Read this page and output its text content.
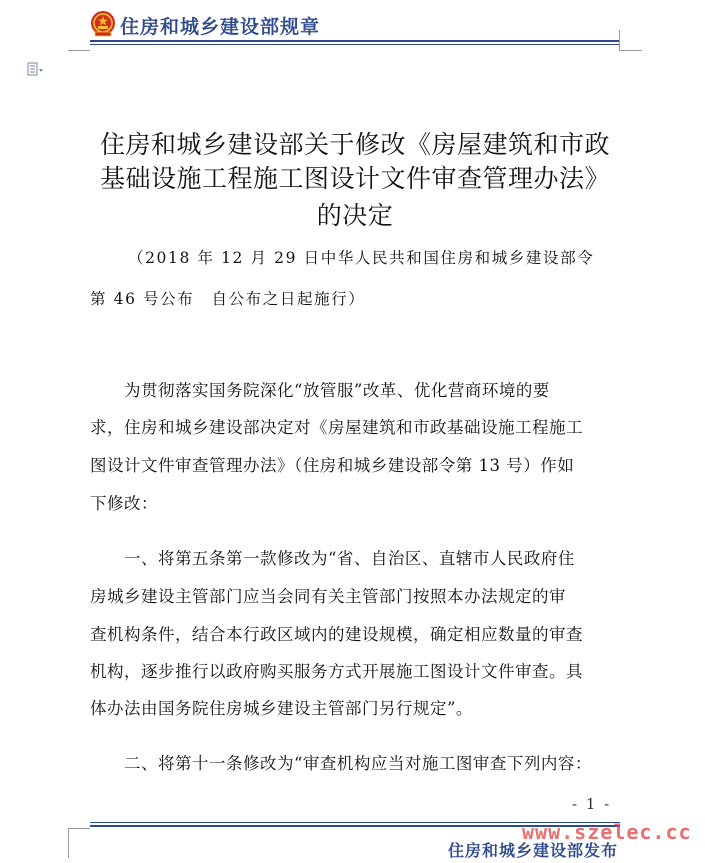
住房和城乡建设部规章
住房和城乡建设部关于修改《房屋建筑和市政
基础设施工程施工图设计文件审查管理办法》
的决定
（2018 年 12 月 29 日中华人民共和国住房和城乡建设部令
第 46 号公布　自公布之日起施行）
　　为贯彻落实国务院深化“放管服”改革、优化营商环境的要
求，住房和城乡建设部决定对《房屋建筑和市政基础设施工程施工
图设计文件审查管理办法》（住房和城乡建设部令第 13 号）作如
下修改：
　　一、将第五条第一款修改为“省、自治区、直辖市人民政府住
房城乡建设主管部门应当会同有关主管部门按照本办法规定的审
查机构条件，结合本行政区域内的建设规模，确定相应数量的审查
机构，逐步推行以政府购买服务方式开展施工图设计文件审查。具
体办法由国务院住房城乡建设主管部门另行规定”。
　　二、将第十一条修改为“审查机构应当对施工图审查下列内容：
- 1 -
住房和城乡建设部发布
www.szelec.cc
